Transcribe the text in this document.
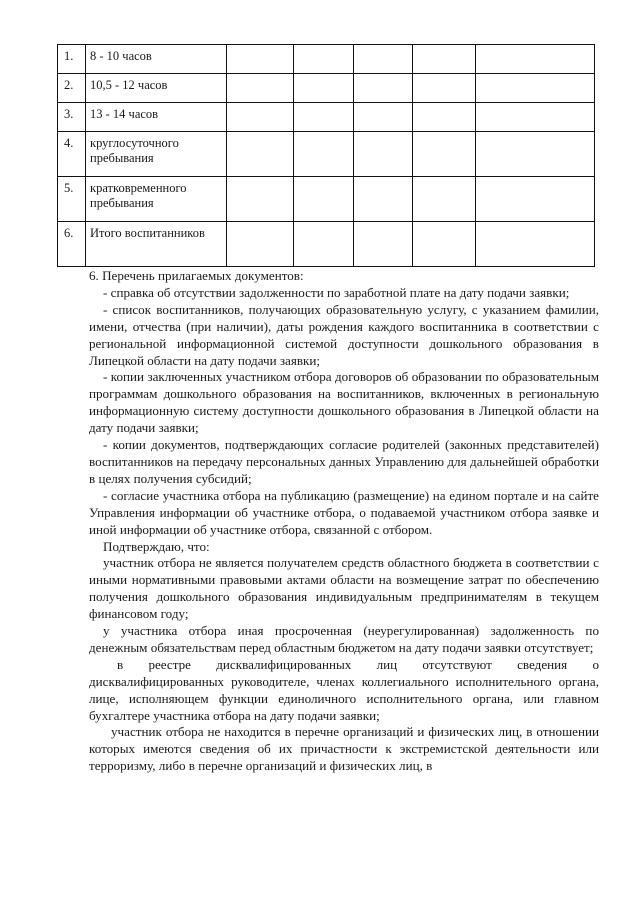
1.	8 - 10 часов					
2.	10,5 - 12 часов					
3.	13 - 14 часов					
4.	круглосуточного пребывания					
5.	кратковременного пребывания					
6.	Итого воспитанников					

6. Перечень прилагаемых документов:

- справка об отсутствии задолженности по заработной плате на дату подачи заявки;

- список воспитанников, получающих образовательную услугу, с указанием фамилии, имени, отчества (при наличии), даты рождения каждого воспитанника в соответствии с региональной информационной системой доступности дошкольного образования в Липецкой области на дату подачи заявки;

- копии заключенных участником отбора договоров об образовании по образовательным программам дошкольного образования на воспитанников, включенных в региональную информационную систему доступности дошкольного образования в Липецкой области на дату подачи заявки;

- копии документов, подтверждающих согласие родителей (законных представителей) воспитанников на передачу персональных данных Управлению для дальнейшей обработки в целях получения субсидий;

- согласие участника отбора на публикацию (размещение) на едином портале и на сайте Управления информации об участнике отбора, о подаваемой участником отбора заявке и иной информации об участнике отбора, связанной с отбором.

Подтверждаю, что:

участник отбора не является получателем средств областного бюджета в соответствии с иными нормативными правовыми актами области на возмещение затрат по обеспечению получения дошкольного образования индивидуальным предпринимателям в текущем финансовом году;

у участника отбора иная просроченная (неурегулированная) задолженность по денежным обязательствам перед областным бюджетом на дату подачи заявки отсутствует;

в реестре дисквалифицированных лиц отсутствуют сведения о дисквалифицированных руководителе, членах коллегиального исполнительного органа, лице, исполняющем функции единоличного исполнительного органа, или главном бухгалтере участника отбора на дату подачи заявки;

участник отбора не находится в перечне организаций и физических лиц, в отношении которых имеются сведения об их причастности к экстремистской деятельности или терроризму, либо в перечне организаций и физических лиц, в
